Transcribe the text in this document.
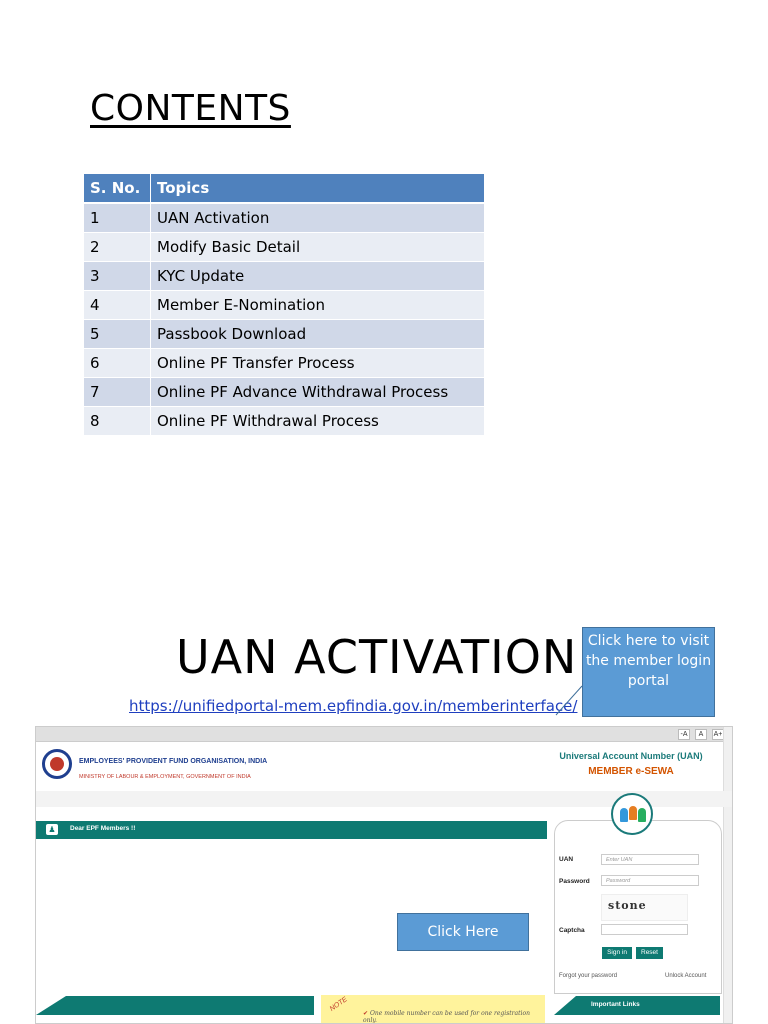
CONTENTS
S. No.	Topics
1	UAN Activation
2	Modify Basic Detail
3	KYC Update
4	Member E-Nomination
5	Passbook Download
6	Online PF Transfer Process
7	Online PF Advance Withdrawal Process
8	Online PF Withdrawal Process
UAN ACTIVATION
https://unifiedportal-mem.epfindia.gov.in/memberinterface/
-A	A	A+
EMPLOYEES' PROVIDENT FUND ORGANISATION, INDIA
MINISTRY OF LABOUR & EMPLOYMENT, GOVERNMENT OF INDIA
Universal Account Number (UAN)
MEMBER e-SEWA
♟	Dear EPF Members !!
UAN	Enter UAN
Password	Password
stone
Captcha
Sign in	Reset
Forgot your password	Unlock Account
NOTE
✔ One mobile number can be used for one registration only.
Important Links
Click here to visit the member login portal
Click Here
